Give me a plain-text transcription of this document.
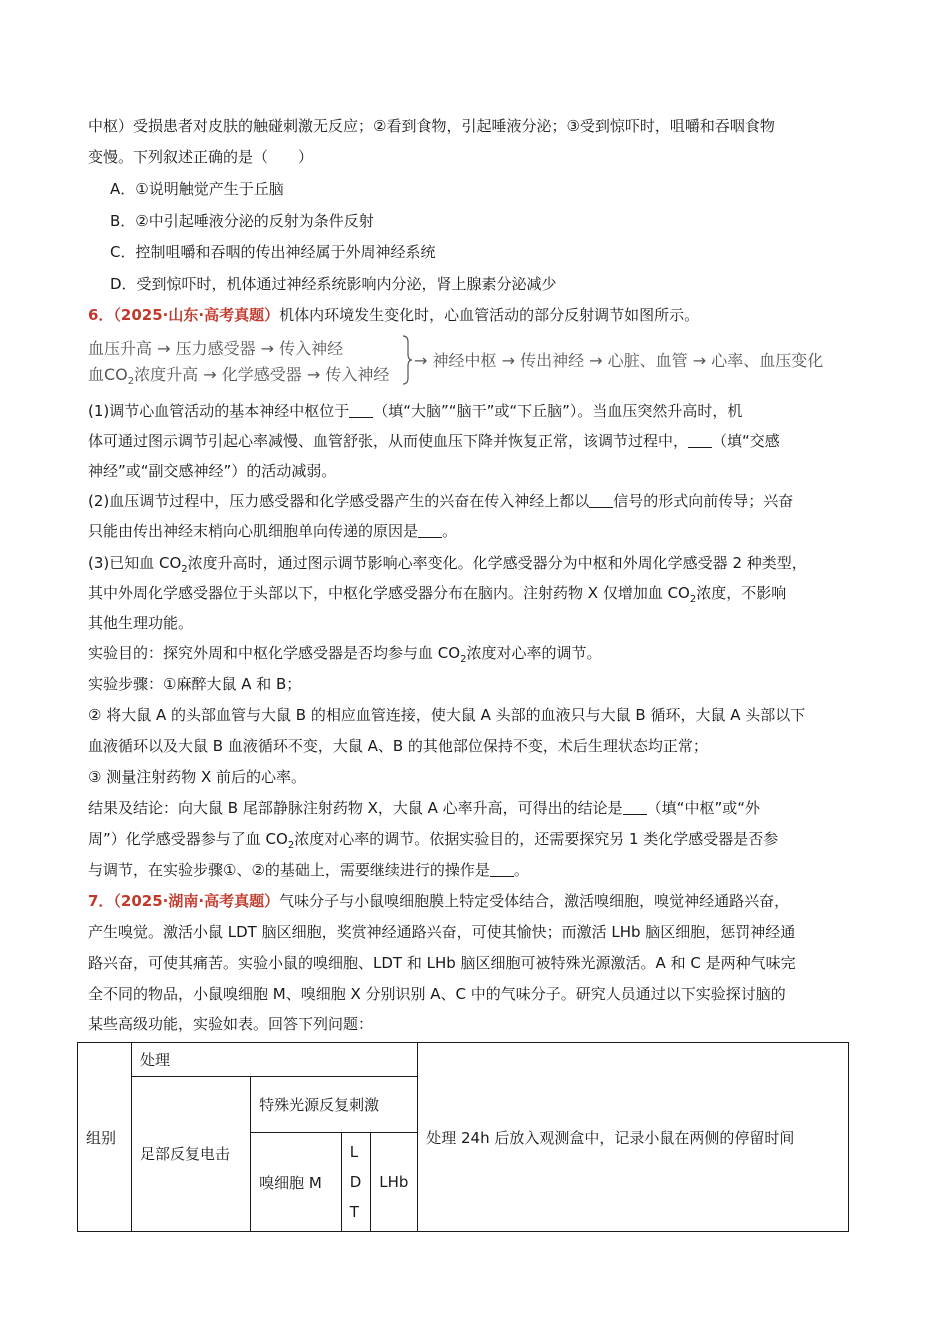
中枢）受损患者对皮肤的触碰刺激无反应；②看到食物，引起唾液分泌；③受到惊吓时，咀嚼和吞咽食物
变慢。下列叙述正确的是（　　）
A．①说明触觉产生于丘脑
B．②中引起唾液分泌的反射为条件反射
C．控制咀嚼和吞咽的传出神经属于外周神经系统
D．受到惊吓时，机体通过神经系统影响内分泌，肾上腺素分泌减少
6．（2025·山东·高考真题）机体内环境发生变化时，心血管活动的部分反射调节如图所示。
血压升高 → 压力感受器 → 传入神经
血$CO_2$浓度升高 → 化学感受器 → 传入神经
→ 神经中枢 → 传出神经 → 心脏、血管 → 心率、血压变化
(1)调节心血管活动的基本神经中枢位于 （填“大脑”“脑干”或“下丘脑”）。当血压突然升高时，机
体可通过图示调节引起心率减慢、血管舒张，从而使血压下降并恢复正常，该调节过程中， （填“交感
神经”或“副交感神经”）的活动减弱。
(2)血压调节过程中，压力感受器和化学感受器产生的兴奋在传入神经上都以 信号的形式向前传导；兴奋
只能由传出神经末梢向心肌细胞单向传递的原因是 。
(3)已知血 $CO_2$浓度升高时，通过图示调节影响心率变化。化学感受器分为中枢和外周化学感受器 2 种类型，
其中外周化学感受器位于头部以下，中枢化学感受器分布在脑内。注射药物 X 仅增加血 $CO_2$浓度，不影响
其他生理功能。
实验目的：探究外周和中枢化学感受器是否均参与血 $CO_2$浓度对心率的调节。
实验步骤：①麻醉大鼠 A 和 B；
② 将大鼠 A 的头部血管与大鼠 B 的相应血管连接，使大鼠 A 头部的血液只与大鼠 B 循环，大鼠 A 头部以下
血液循环以及大鼠 B 血液循环不变，大鼠 A、B 的其他部位保持不变，术后生理状态均正常；
③ 测量注射药物 X 前后的心率。
结果及结论：向大鼠 B 尾部静脉注射药物 X，大鼠 A 心率升高，可得出的结论是 （填“中枢”或“外
周”）化学感受器参与了血 $CO_2$浓度对心率的调节。依据实验目的，还需要探究另 1 类化学感受器是否参
与调节，在实验步骤①、②的基础上，需要继续进行的操作是 。
7．（2025·湖南·高考真题）气味分子与小鼠嗅细胞膜上特定受体结合，激活嗅细胞，嗅觉神经通路兴奋，
产生嗅觉。激活小鼠 LDT 脑区细胞，奖赏神经通路兴奋，可使其愉快；而激活 LHb 脑区细胞，惩罚神经通
路兴奋，可使其痛苦。实验小鼠的嗅细胞、LDT 和 LHb 脑区细胞可被特殊光源激活。A 和 C 是两种气味完
全不同的物品，小鼠嗅细胞 M、嗅细胞 X 分别识别 A、C 中的气味分子。研究人员通过以下实验探讨脑的
某些高级功能，实验如表。回答下列问题：
组别	处理				处理 24h 后放入观测盒中，记录小鼠在两侧的停留时间
	足部反复电击	特殊光源反复刺激			
		嗅细胞 M	LDT	LHb	
